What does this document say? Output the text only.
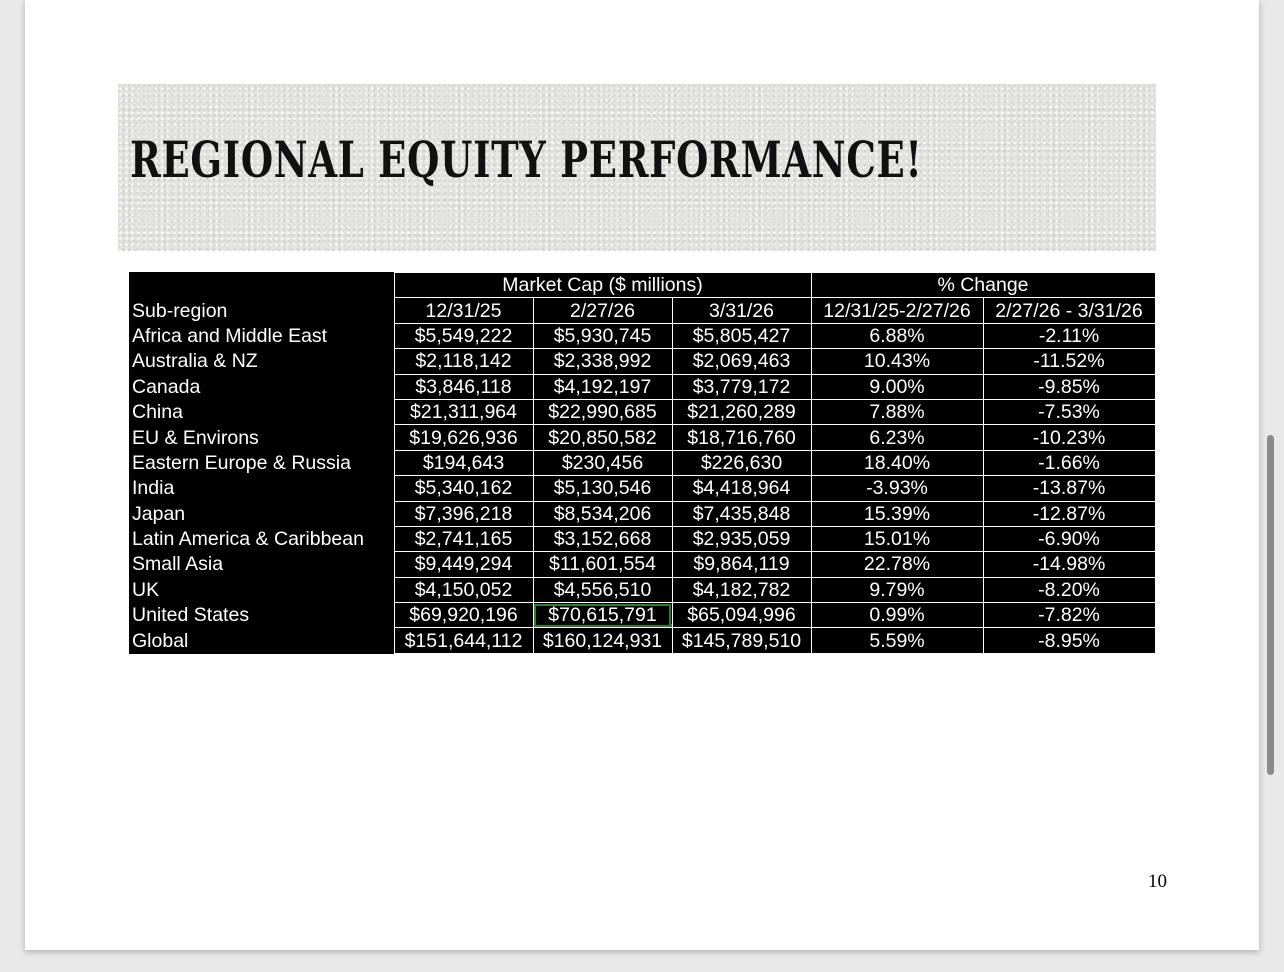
REGIONAL EQUITY PERFORMANCE!
	Market Cap ($ millions)			% Change	
Sub-region	12/31/25	2/27/26	3/31/26	12/31/25-2/27/26	2/27/26 - 3/31/26
Africa and Middle East	$5,549,222	$5,930,745	$5,805,427	6.88%	-2.11%
Australia & NZ	$2,118,142	$2,338,992	$2,069,463	10.43%	-11.52%
Canada	$3,846,118	$4,192,197	$3,779,172	9.00%	-9.85%
China	$21,311,964	$22,990,685	$21,260,289	7.88%	-7.53%
EU & Environs	$19,626,936	$20,850,582	$18,716,760	6.23%	-10.23%
Eastern Europe & Russia	$194,643	$230,456	$226,630	18.40%	-1.66%
India	$5,340,162	$5,130,546	$4,418,964	-3.93%	-13.87%
Japan	$7,396,218	$8,534,206	$7,435,848	15.39%	-12.87%
Latin America & Caribbean	$2,741,165	$3,152,668	$2,935,059	15.01%	-6.90%
Small Asia	$9,449,294	$11,601,554	$9,864,119	22.78%	-14.98%
UK	$4,150,052	$4,556,510	$4,182,782	9.79%	-8.20%
United States	$69,920,196	$70,615,791	$65,094,996	0.99%	-7.82%
Global	$151,644,112	$160,124,931	$145,789,510	5.59%	-8.95%
10
